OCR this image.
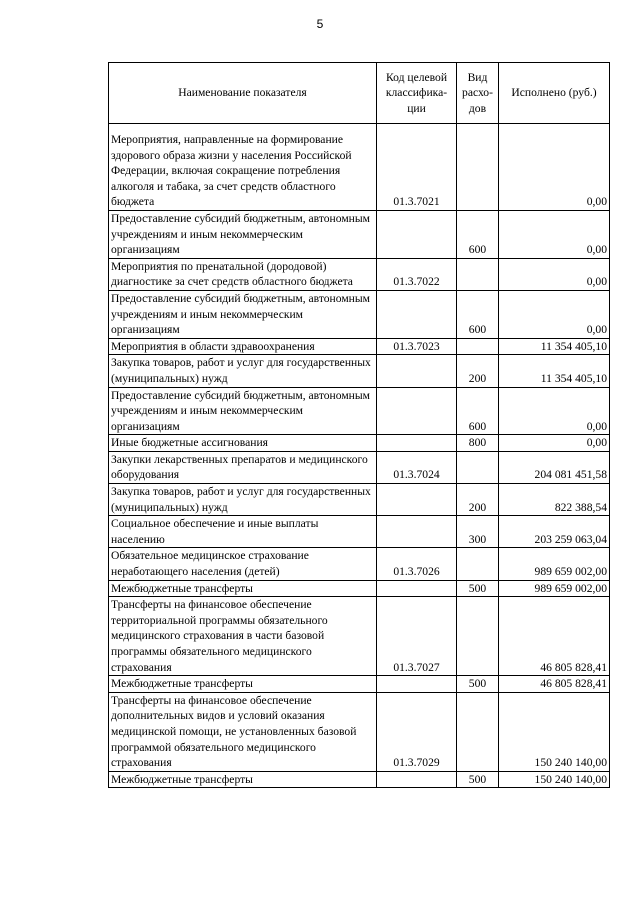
5
Наименование показателя	Код целевой классифика-ции	Вид расхо-дов	Исполнено (руб.)
Мероприятия, направленные на формирование здорового образа жизни у населения Российской Федерации, включая сокращение потребления алкоголя и табака, за счет средств областного бюджета	01.3.7021		0,00
Предоставление субсидий бюджетным, автономным учреждениям и иным некоммерческим организациям		600	0,00
Мероприятия по пренатальной (дородовой) диагностике за счет средств областного бюджета	01.3.7022		0,00
Предоставление субсидий бюджетным, автономным учреждениям и иным некоммерческим организациям		600	0,00
Мероприятия в области здравоохранения	01.3.7023		11 354 405,10
Закупка товаров, работ и услуг для государственных (муниципальных) нужд		200	11 354 405,10
Предоставление субсидий бюджетным, автономным учреждениям и иным некоммерческим организациям		600	0,00
Иные бюджетные ассигнования		800	0,00
Закупки лекарственных препаратов и медицинского оборудования	01.3.7024		204 081 451,58
Закупка товаров, работ и услуг для государственных (муниципальных) нужд		200	822 388,54
Социальное обеспечение и иные выплаты населению		300	203 259 063,04
Обязательное медицинское страхование неработающего населения (детей)	01.3.7026		989 659 002,00
Межбюджетные трансферты		500	989 659 002,00
Трансферты на финансовое обеспечение территориальной программы обязательного медицинского страхования в части базовой программы обязательного медицинского страхования	01.3.7027		46 805 828,41
Межбюджетные трансферты		500	46 805 828,41
Трансферты на финансовое обеспечение дополнительных видов и условий оказания медицинской помощи, не установленных базовой программой обязательного медицинского страхования	01.3.7029		150 240 140,00
Межбюджетные трансферты		500	150 240 140,00
